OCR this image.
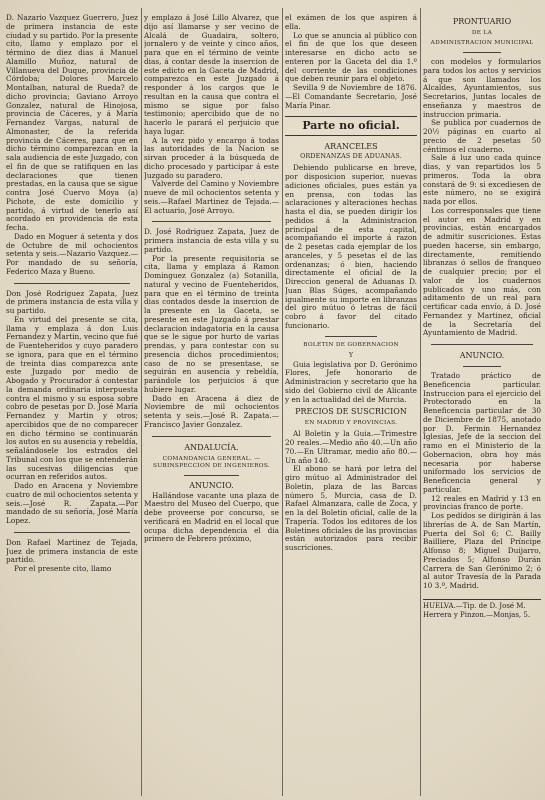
D. Nazario Vazquez Guerrero, Juez de primera instancia de este ciudad y su partido. Por la presente cito, llamo y emplazo por el término de diez dias á Manuel Alamillo Muñoz, natural de Villanueva del Duque, provincia de Córdoba; Dolores Marcelo Montalban, natural de Rueda? de dicho provincia; Gaviano Arroyo Gonzalez, natural de Hinojosa, provincia de Cáceres, y á María Fernandez Vargas, natural de Almonaster, de la referida provincia de Cáceres, para que en dicho término comparezcan en la sala audiencia de este Juzgado, con el fin de que se ratifiquen en las declaraciones que tienen prestadas, en la causa que se sigue contra José Cuervo Moya (a) Pichote, de este domicilio y partido, á virtud de tenerlo así acordado en providencia de esta fecha.

Dado en Moguer á setenta y dos de Octubre de mil ochocientos setenta y seis.—Nazario Vazquez.—Por mandado de su señoría, Federico Maza y Bueno.

Don José Rodriguez Zapata, Juez de primera instancia de esta villa y su partido.

En virtud del presente se cita, llama y emplaza á don Luis Fernandez y Martin, vecino que fué de Fuenteheridos y cuyo paradero se ignora, para que en el término de treinta dias comparezca ante este Juzgado por medio de Abogado y Procurador á contestar la demanda ordinaria interpuesta contra el mismo y su esposa sobre cobro de pesetas por D. José María Fernandez y Martin y otros; apercibidos que de no comparecer en dicho término se continuarán los autos en su ausencia y rebeldía, señalándosele los estrados del Tribunal con los que se entenderán las sucesivas diligencias que ocurran en referidos autos.

Dado en Aracena y Noviembre cuatro de mil ochocientos setenta y seis.—José R. Zapata.—Por mandado de su señoría, José María Lopez.

Don Rafael Martinez de Tejada, Juez de primera instancia de este partido.

Por el presente cito, llamo

y emplazo á José Lillo Alvarez, que dijo así llamarse y ser vecino de Alcalá de Guadaira, soltero, jornalero y de veinte y cinco años, para que en el término de veinte dias, á contar desde la insercion de este edicto en la Gaceta de Madrid, comparezca en este Juzgado á responder á los cargos que le resultan en la causa que contra el mismo se sigue por falso testimonio; apercibido que de no hacerlo le parará el perjuicio que haya lugar.

A la vez pido y encargo á todas las autoridades de la Nacion se sirvan proceder á la búsqueda de dicho procesado y participar á este Juzgado su paradero.

Valverde del Camino y Noviembre nueve de mil ochocientos setenta y seis.—Rafael Martinez de Tejada.—El actuario, José Arroyo.

D. José Rodriguez Zapata, Juez de primera instancia de esta villa y su partido.

Por la presente requisitoria se cita, llama y emplaza á Ramon Dominguez Gonzalez (a) Sotanilla, natural y vecino de Fuenteheridos, para que en el término de treinta dias contados desde la insercion de la presente en la Gaceta, se presente en este Juzgado á prestar declaracion indagatoria en la causa que se le sigue por hurto de varias prendas, y para contestar con su presencia dichos procedimientos; caso de no se presentase, se seguirán en ausencia y rebeldía, parándole los perjuicios á que hubiere lugar.

Dado en Aracena á diez de Noviembre de mil ochocientos setenta y seis.—José R. Zapata.—Francisco Javier Gonzalez.

ANDALUCÍA.
COMANDANCIA GENERAL. — SUBINSPECCION DE INGENIEROS.
ANUNCIO.

Hallándose vacante una plaza de Maestro del Museo del Cuerpo, que debe proveerse por concurso, se verificará en Madrid en el local que ocupa dicha dependencia el dia primero de Febrero próximo,

el exámen de los que aspiren á ella.

Lo que se anuncia al público con el fin de que los que deseen interesarse en dicho acto se enteren por la Gaceta del dia 1.º del corriente de las condiciones que deben reunir para el objeto.

Sevilla 9 de Noviembre de 1876.—El Comandante Secretario, José María Pinar.

Parte no oficial.
ARANCELES
ORDENANZAS DE ADUANAS.

Debiendo publicarse en breve, por disposicion superior, nuevas adiciones oficiales, pues están ya en prensa, con todas las aclaraciones y alteraciones hechas hasta el dia, se pueden dirigir los pedidos á la Administracion principal de esta capital, acompañando el importe á razon de 2 pesetas cada ejemplar de los aranceles, y 5 pesetas el de las ordenanzas; ó bien, haciendo directamente el oficial de la Direccion general de Aduanas D. Juan Blas Súges, acompañando igualmente su importe en libranzas del giro mútuo ó letras de fácil cobro á favor del citado funcionario.

BOLETIN DE GOBERNACION
Y

Guia legislativa por D. Gerónimo Flores, Jefe honorario de Administracion y secretario que ha sido del Gobierno civil de Alicante y en la actualidad del de Murcia.

PRECIOS DE SUSCRICION
EN MADRID Y PROVINCIAS.

Al Boletin y la Guia.—Trimestre 20 reales.—Medio año 40.—Un año 70.—En Ultramar, medio año 80.—Un año 140.

El abono se hará por letra del giro mútuo al Administrador del Boletin, plaza de las Barcas número 5, Murcia, casa de D. Rafael Almanzara, calle de Zoca, y en la del Boletin oficial, calle de la Trapería. Todos los editores de los Boletines oficiales de las provincias están autorizados para recibir suscriciones.

PRONTUARIO
DE LA
ADMINISTRACION MUNICIPAL

con modelos y formularios para todos los actos y servicios á que son llamados los Alcaldes, Ayuntamientos, sus Secretarios, Juntas locales de enseñanza y maestros de instruccion primaria.

Se publica por cuadernos de 20½ páginas en cuarto al precio de 2 pesetas 50 céntimos el cuaderno.

Sale á luz uno cada quince dias, y van repartidos los 5 primeros. Toda la obra constará de 9: si excediesen de este número, no se exigirá nada por ellos.

Los corresponsales que tiene el autor en Madrid y en provincias, están encargados de admitir suscriciones. Estas pueden hacerse, sin embargo, directamente, remitiendo libranzas ó sellos de franqueo de cualquier precio; por el valor de los cuadernos publicados y uno más, con aditamento de un real para certificar cada envío, á D. José Fernandez y Martinez, oficial de la Secretaría del Ayuntamiento de Madrid.

ANUNCIO.

Tratado práctico de Beneficencia particular. Instruccion para el ejercicio del Protectorado en la Beneficencia particular de 30 de Diciembre de 1875, anotado por D. Fermin Hernandez Iglesias, Jefe de la seccion del ramo en el Ministerio de la Gobernacion, obra hoy más necesaria por haberse uniformado los servicios de Beneficencia general y particular.

12 reales en Madrid y 13 en provincias franco de porte.

Los pedidos se dirigirán á las librerías de A. de San Martín, Puerta del Sol 6; C. Bailly Bailliere, Plaza del Príncipe Alfonso 8; Miguel Duijarro, Preciados 5; Alfonso Durán Carrera de San Gerónimo 2; ó al autor Travesía de la Parada 10 3.º, Madrid.

HUELVA.—Tip. de D. José M. Herrera y Pinzon.—Monjas, 5.
